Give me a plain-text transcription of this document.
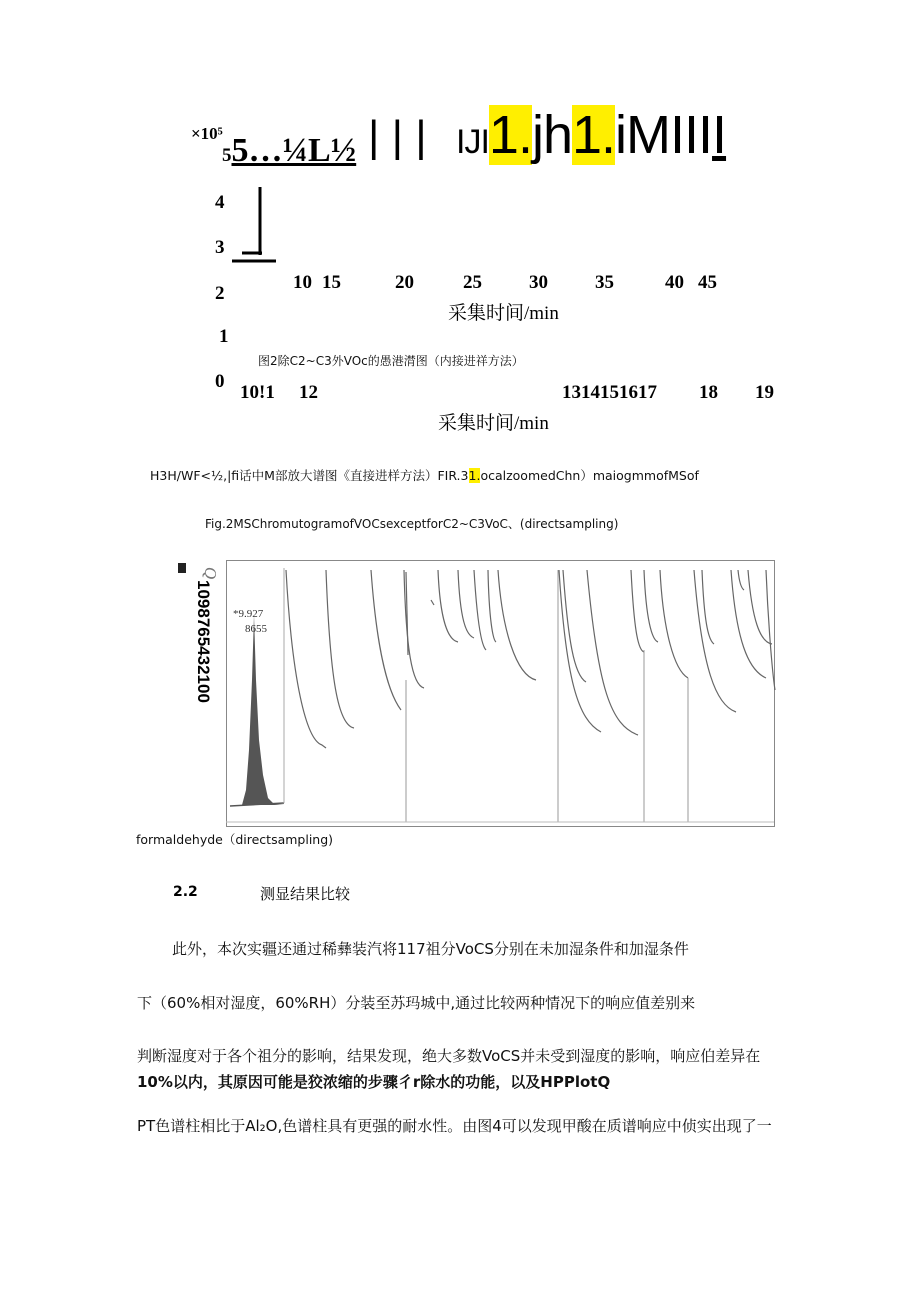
×10⁵
55…¼L½ | | | IJI1.jh1.iMIIII
4
3
2
1
0
10 15	20	25 30 35	40 45
采集时间/min
图2除C2~C3外VOc的愚港潸图（内接进祥方法）
10!1 12	1314151617 18 19
采集时间/min
H3H/WF<½,|fi话中M部放大谱图《直接进样方法）FIR.31.ocalzoomedChn）maiogmmofMSof
Fig.2MSChromutogramofVOCsexceptforC2~C3VoC、(directsampling)
Q
1098765432100 *9.927
8655
formaldehyde（directsampling)
2.2	测显结果比较
此外，本次实疆还通过稀彝装汽将117祖分VoCS分别在未加湿条件和加湿条件
下（60%相对湿度，60%RH）分装至苏玛城中,通过比较两种情况下的响应值差别来
判断湿度对于各个祖分的影响，结果发现，绝大多数VoCS并未受到湿度的影响，响应伯差异在
10%以内，其原因可能是狡浓缩的步骤彳r除水的功能，以及HPPlotQ
PT色谱柱相比于Al₂O,色谱柱具有更强的耐水性。由图4可以发现甲酸在质谱响应中侦实出现了一
